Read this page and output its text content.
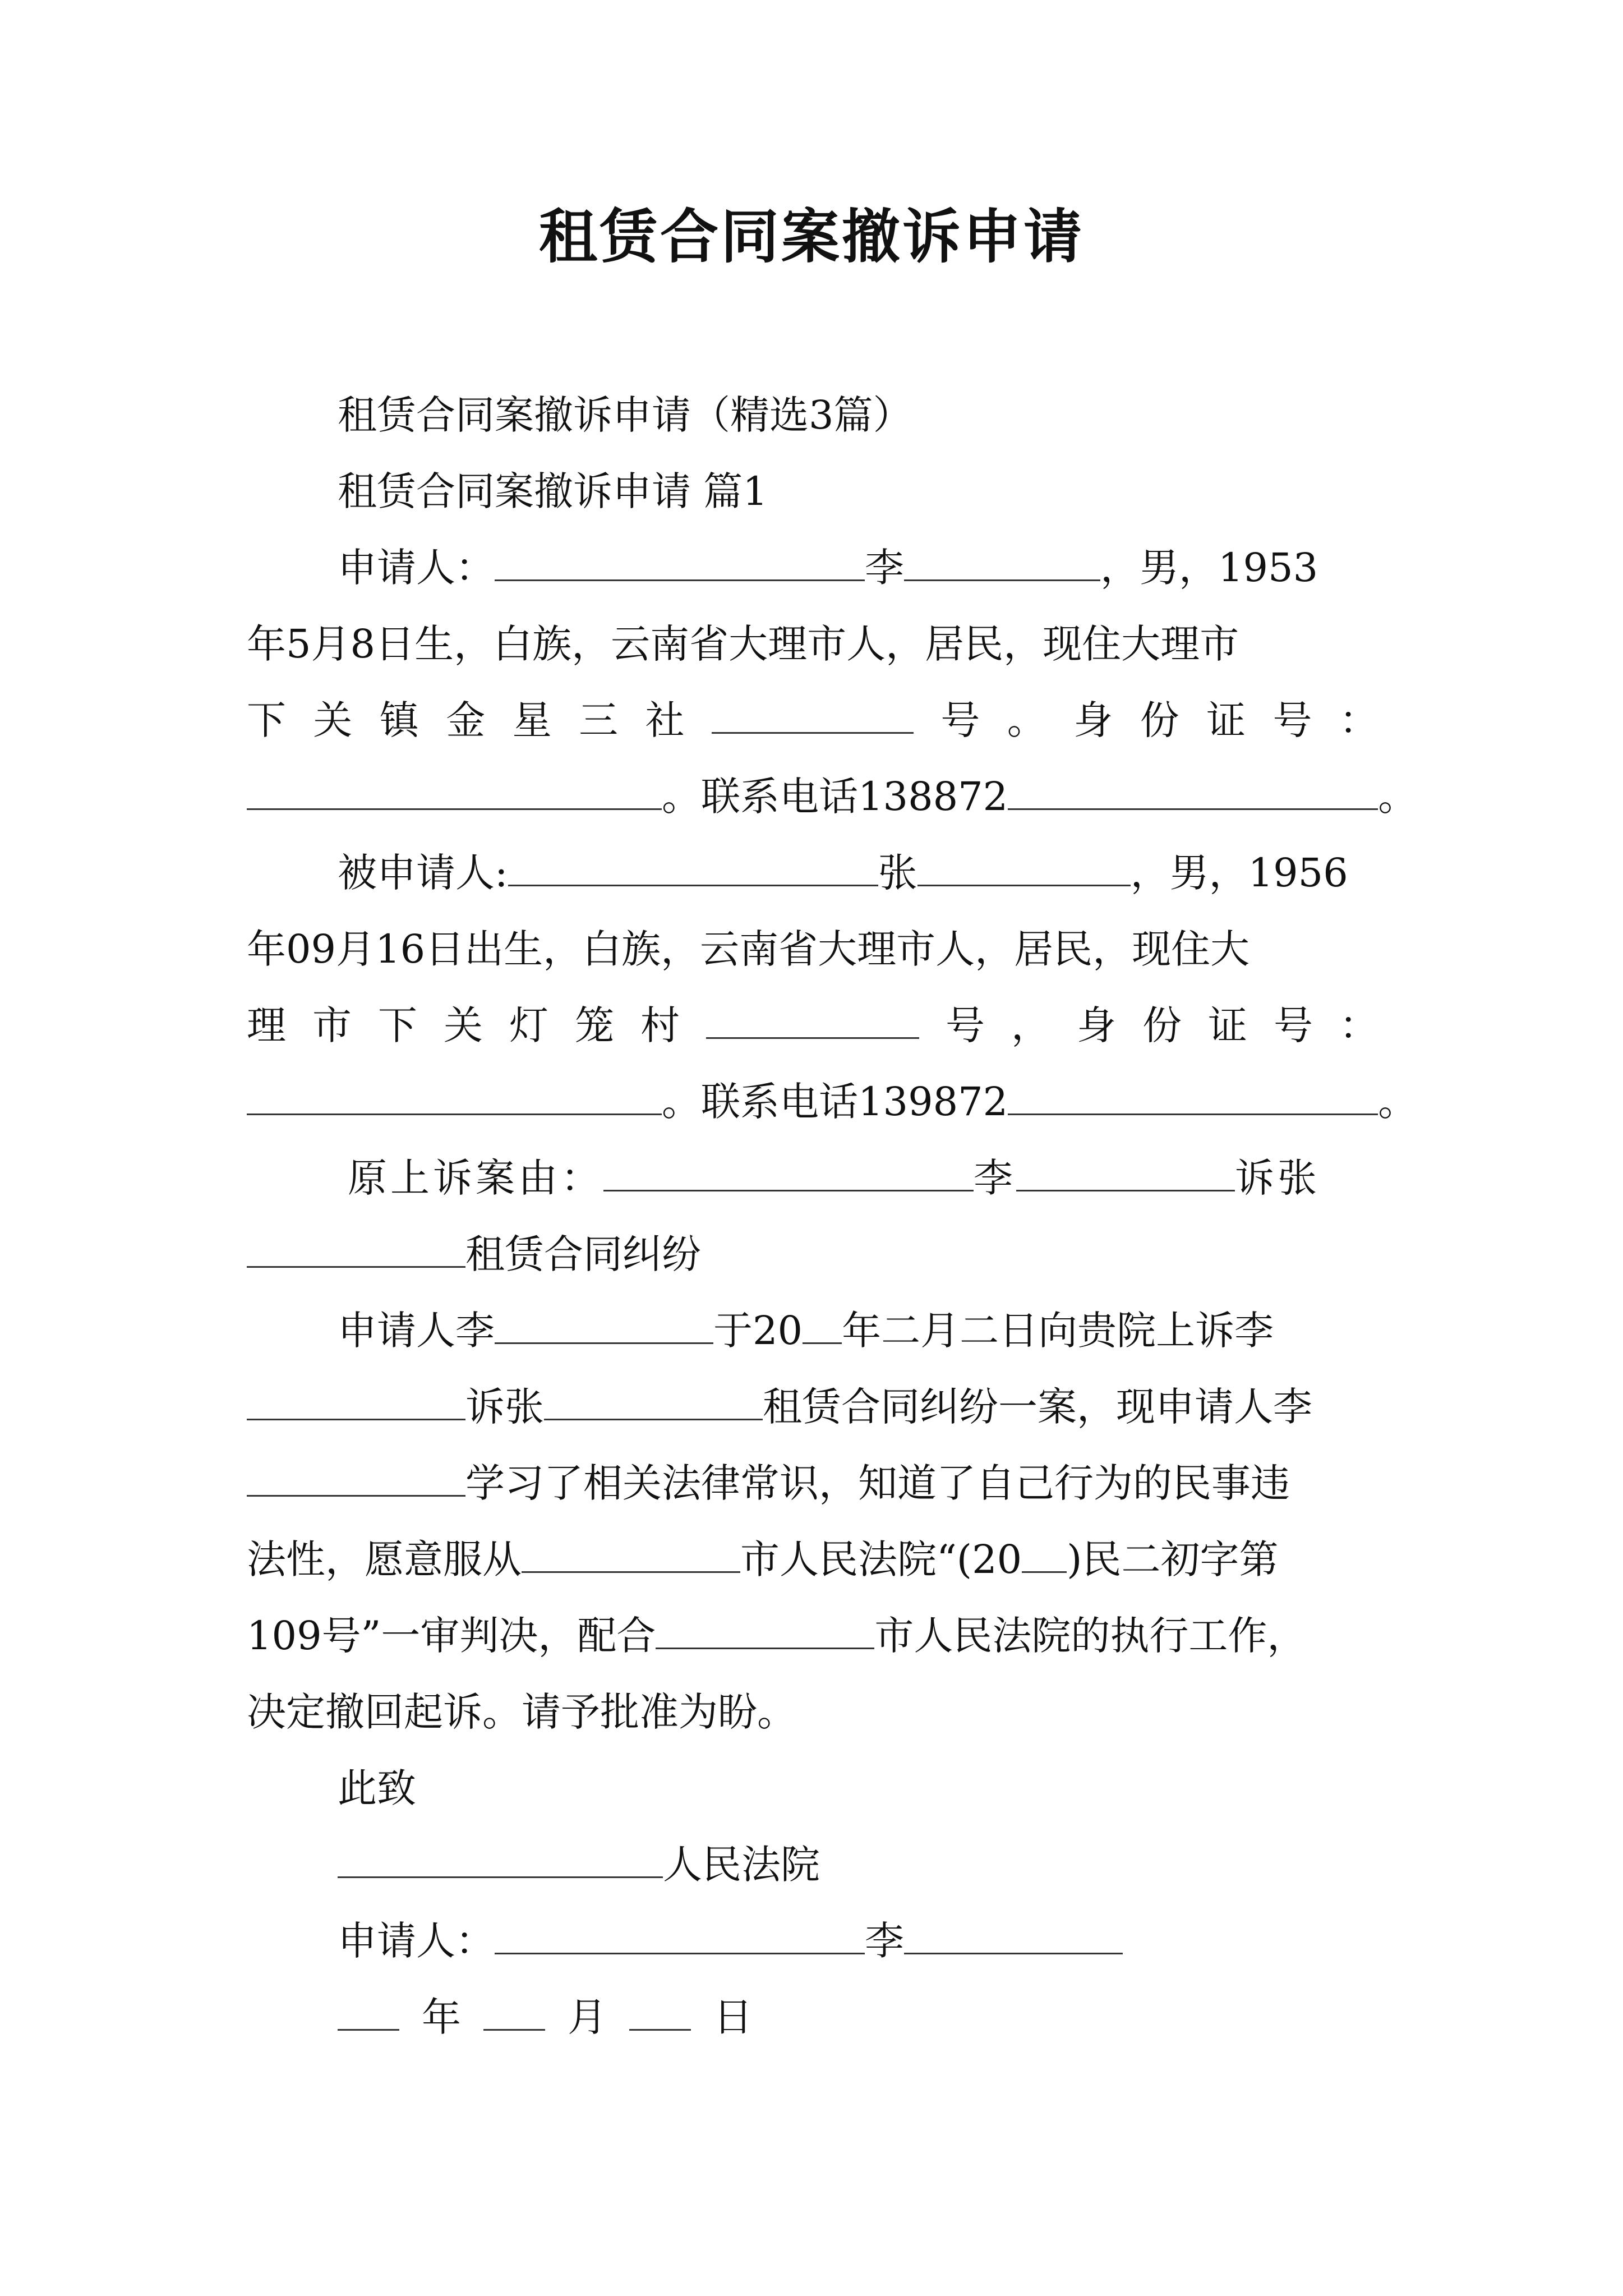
租赁合同案撤诉申请
租赁合同案撤诉申请（精选3篇）
租赁合同案撤诉申请 篇1
申请人：	李	，男，1953
年5月8日生，白族，云南省大理市人，居民，现住大理市
下 关 镇 金 星 三 社	号 。 身 份 证 号 ：
。联系电话138872	。
被申请人:	张	，男，1956
年09月16日出生，白族，云南省大理市人，居民，现住大
理 市 下 关 灯 笼 村	号 ， 身 份 证 号 ：
。联系电话139872	。
原上诉案由：	李	诉张
租赁合同纠纷
申请人李	于20 年二月二日向贵院上诉李
诉张	租赁合同纠纷一案，现申请人李
学习了相关法律常识，知道了自己行为的民事违
法性，愿意服从	市人民法院“(20 )民二初字第
109号”一审判决，配合	市人民法院的执行工作，
决定撤回起诉。请予批准为盼。
此致
人民法院
申请人：	李
年	月	日
